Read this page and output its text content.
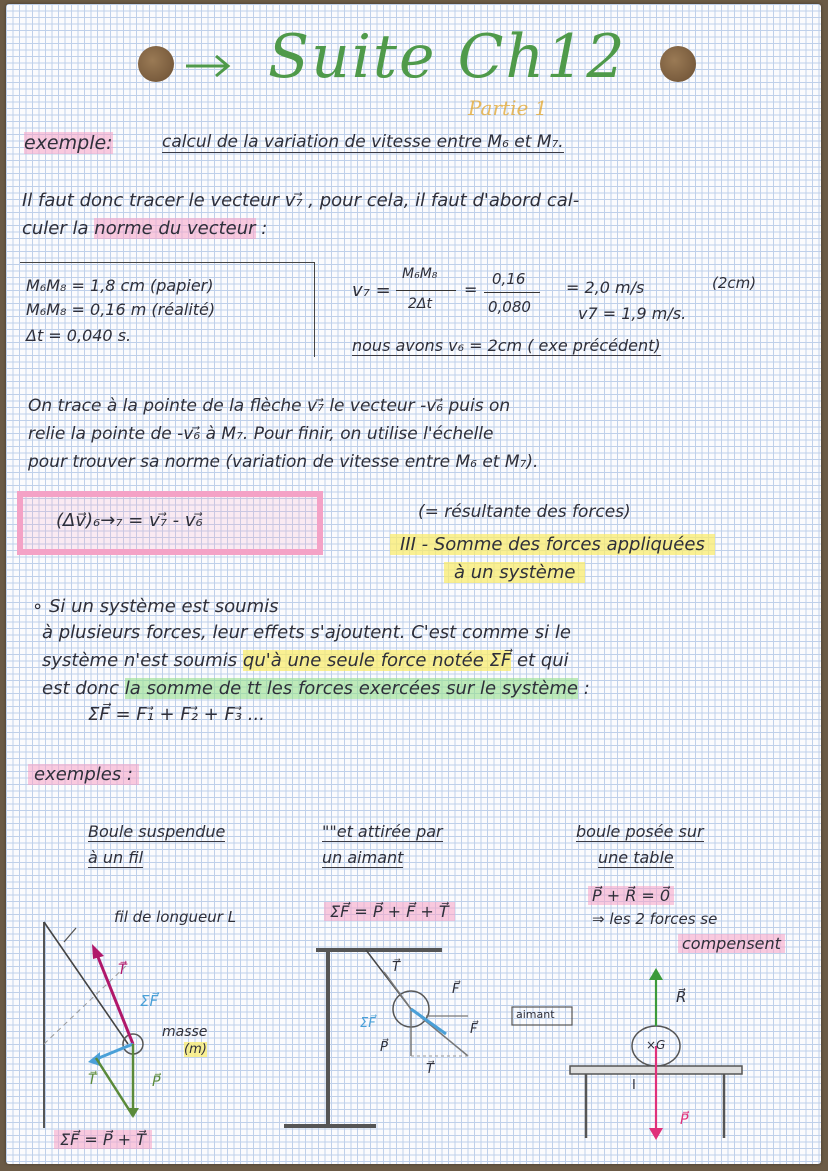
Suite Ch12
Partie 1
exemple:	calcul de la variation de vitesse entre M₆ et M₇.
Il faut donc tracer le vecteur v₇⃗ , pour cela, il faut d'abord cal-
culer la norme du vecteur :
M₆M₈ = 1,8 cm (papier)
M₆M₈ = 0,16 m (réalité)
Δt = 0,040 s.
v₇ =
M₆M₈
2Δt
=
0,16
0,080
= 2,0 m/s	(2cm)
v7 = 1,9 m/s.
nous avons v₆ = 2cm ( exe précédent)
On trace à la pointe de la flèche v₇⃗ le vecteur -v₆⃗ puis on
relie la pointe de -v₆⃗ à M₇. Pour finir, on utilise l'échelle
pour trouver sa norme (variation de vitesse entre M₆ et M₇).
(Δv⃗)₆→₇ = v₇⃗ - v₆⃗	(= résultante des forces)
III - Somme des forces appliquées
à un système
∘ Si un système est soumis
à plusieurs forces, leur effets s'ajoutent. C'est comme si le
système n'est soumis qu'à une seule force notée ΣF⃗ et qui
est donc la somme de tt les forces exercées sur le système :
ΣF⃗ = F₁⃗ + F₂⃗ + F₃⃗ ...
exemples :
Boule suspendue
à un fil
fil de longueur L
T⃗
ΣF⃗
masse
(m)
P⃗
T⃗
ΣF⃗ = P⃗ + T⃗
""et attirée par
un aimant
ΣF⃗ = P⃗ + F⃗ + T⃗
T⃗
F⃗
ΣF⃗
P⃗
F⃗
T⃗
aimant
boule posée sur
une table
P⃗ + R⃗ = 0⃗
⇒ les 2 forces se
compensent
R⃗
×G
I
P⃗
